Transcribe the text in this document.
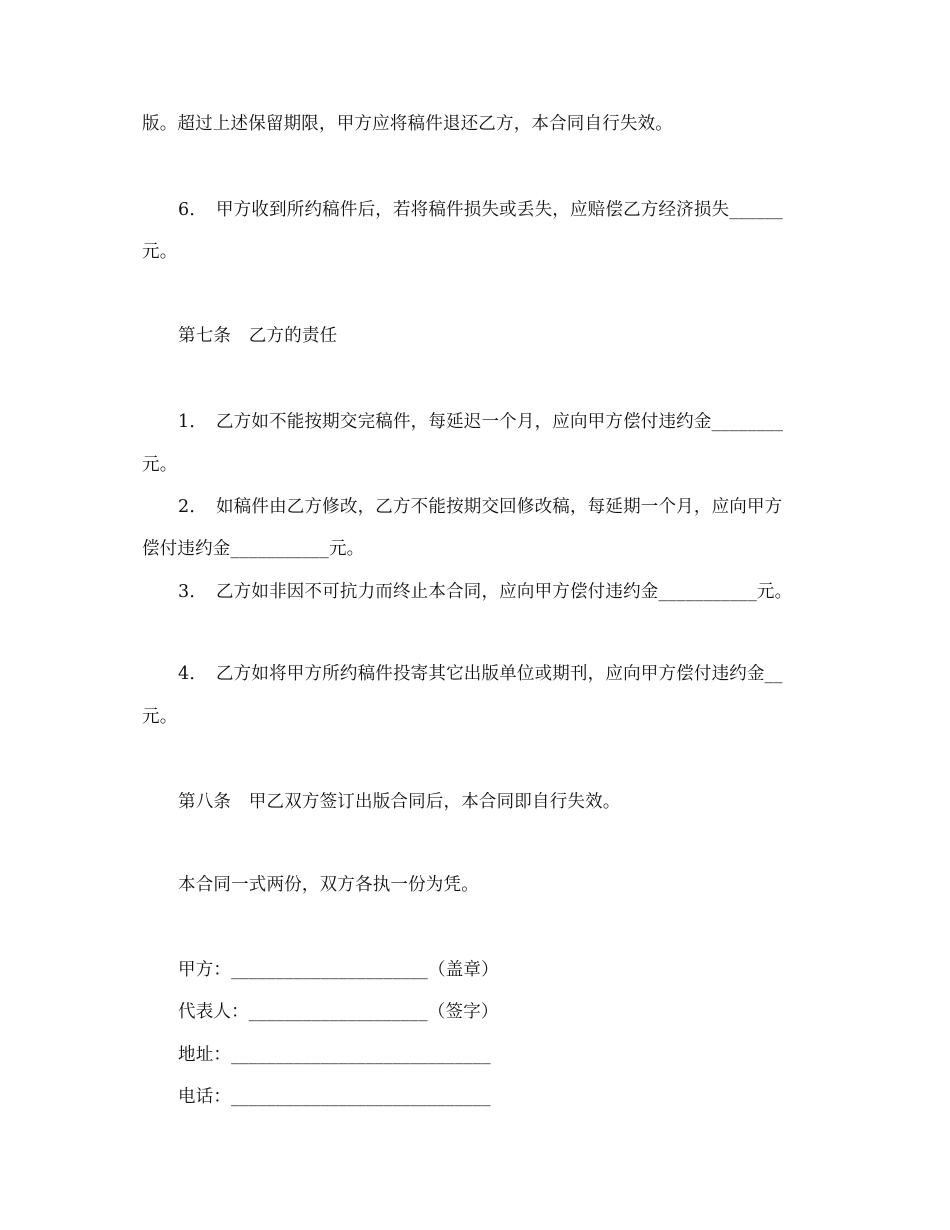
版。超过上述保留期限，甲方应将稿件退还乙方，本合同自行失效。
6．　甲方收到所约稿件后，若将稿件损失或丢失，应赔偿乙方经济损失______
元。
第七条　乙方的责任
1．　乙方如不能按期交完稿件，每延迟一个月，应向甲方偿付违约金________
元。
2．　如稿件由乙方修改，乙方不能按期交回修改稿，每延期一个月，应向甲方
偿付违约金___________元。
3．　乙方如非因不可抗力而终止本合同，应向甲方偿付违约金___________元。
4．　乙方如将甲方所约稿件投寄其它出版单位或期刊，应向甲方偿付违约金__
元。
第八条　甲乙双方签订出版合同后，本合同即自行失效。
本合同一式两份，双方各执一份为凭。
甲方：______________________（盖章）
代表人：____________________（签字）
地址：_____________________________
电话：_____________________________
